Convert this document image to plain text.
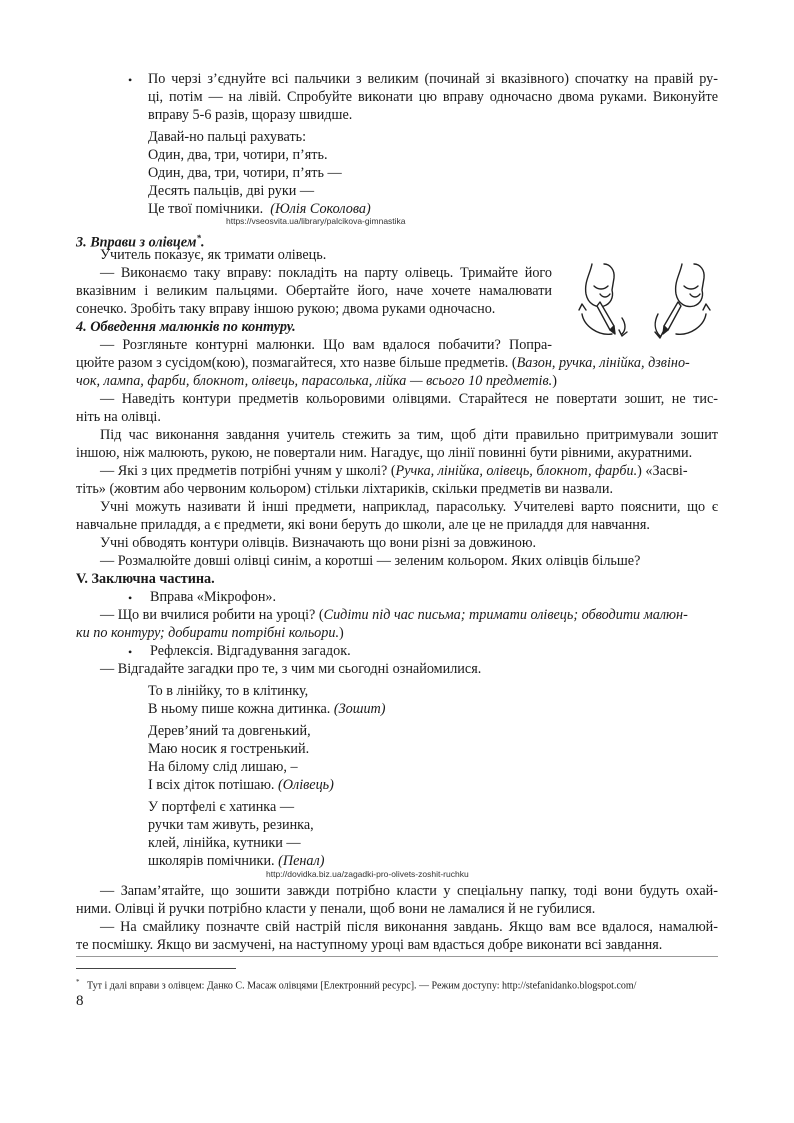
• По черзі з’єднуйте всі пальчики з великим (починай зі вказівного) спочатку на правій ру-
ці, потім — на лівій. Спробуйте виконати цю вправу одночасно двома руками. Виконуйте
вправу 5-6 разів, щоразу швидше.
Давай-но пальці рахувать:
Один, два, три, чотири, п’ять.
Один, два, три, чотири, п’ять —
Десять пальців, дві руки —
Це твої помічники. (Юлія Соколова)
https://vseosvita.ua/library/palcikova-gimnastika
3. Вправи з олівцем*.
Учитель показує, як тримати олівець.
— Виконаємо таку вправу: покладіть на парту олівець. Тримайте його
вказівним і великим пальцями. Обертайте його, наче хочете намалювати
сонечко. Зробіть таку вправу іншою рукою; двома руками одночасно.
4. Обведення малюнків по контуру.
— Розгляньте контурні малюнки. Що вам вдалося побачити? Попра-
цюйте разом з сусідом(кою), позмагайтеся, хто назве більше предметів. (Вазон, ручка, лінійка, дзвіно-
чок, лампа, фарби, блокнот, олівець, парасолька, лійка — всього 10 предметів.)
— Наведіть контури предметів кольоровими олівцями. Старайтеся не повертати зошит, не тис-
ніть на олівці.
Під час виконання завдання учитель стежить за тим, щоб діти правильно притримували зошит
іншою, ніж малюють, рукою, не повертали ним. Нагадує, що лінії повинні бути рівними, акуратними.
— Які з цих предметів потрібні учням у школі? (Ручка, лінійка, олівець, блокнот, фарби.) «Засві-
тіть» (жовтим або червоним кольором) стільки ліхтариків, скільки предметів ви назвали.
Учні можуть називати й інші предмети, наприклад, парасольку. Учителеві варто пояснити, що є
навчальне приладдя, а є предмети, які вони беруть до школи, але це не приладдя для навчання.
Учні обводять контури олівців. Визначають що вони різні за довжиною.
— Розмалюйте довші олівці синім, а коротші — зеленим кольором. Яких олівців більше?
V. Заключна частина.
• Вправа «Мікрофон».
— Що ви вчилися робити на уроці? (Сидіти під час письма; тримати олівець; обводити малюн-
ки по контуру; добирати потрібні кольори.)
• Рефлексія. Відгадування загадок.
— Відгадайте загадки про те, з чим ми сьогодні ознайомилися.
То в лінійку, то в клітинку,
В ньому пише кожна дитинка. (Зошит)
Дерев’яний та довгенький,
Маю носик я гостренький.
На білому слід лишаю, –
І всіх діток потішаю. (Олівець)
У портфелі є хатинка —
ручки там живуть, резинка,
клей, лінійка, кутники —
школярів помічники. (Пенал)
http://dovidka.biz.ua/zagadki-pro-olivets-zoshit-ruchku
— Запам’ятайте, що зошити завжди потрібно класти у спеціальну папку, тоді вони будуть охай-
ними. Олівці й ручки потрібно класти у пенали, щоб вони не ламалися й не губилися.
— На смайлику позначте свій настрій після виконання завдань. Якщо вам все вдалося, намалюй-
те посмішку. Якщо ви засмучені, на наступному уроці вам вдасться добре виконати всі завдання.
* Тут і далі вправи з олівцем: Данко С. Масаж олівцями [Електронний ресурс]. — Режим доступу: http://stefanidanko.blogspot.com/
8
